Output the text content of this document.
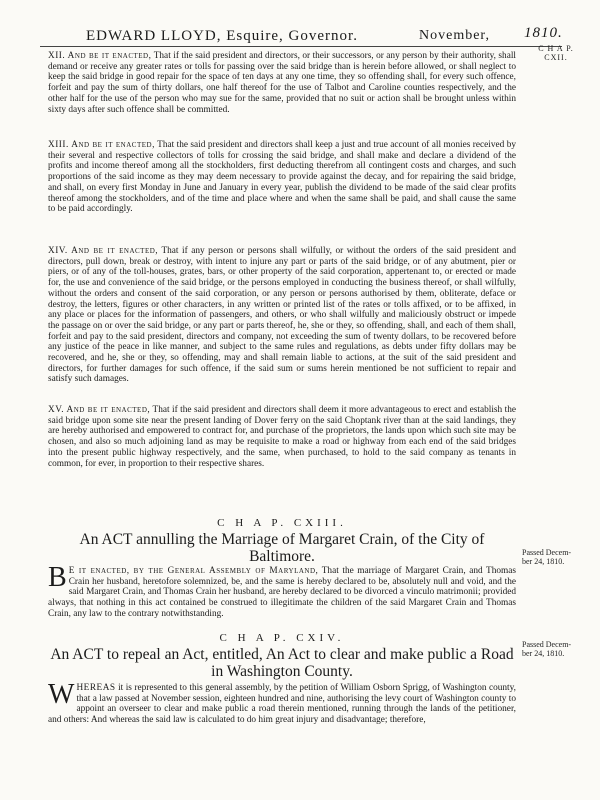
EDWARD LLOYD, Esquire, Governor.	November, 1810.
C H A P.
CXII.

XII. And be it enacted, That if the said president and directors, or their successors, or any person by their authority, shall demand or receive any greater rates or tolls for passing over the said bridge than is herein before allowed, or shall neglect to keep the said bridge in good repair for the space of ten days at any one time, they so offending shall, for every such offence, forfeit and pay the sum of thirty dollars, one half thereof for the use of Talbot and Caroline counties respectively, and the other half for the use of the person who may sue for the same, provided that no suit or action shall be brought unless within sixty days after such offence shall be committed.

XIII. And be it enacted, That the said president and directors shall keep a just and true account of all monies received by their several and respective collectors of tolls for crossing the said bridge, and shall make and declare a dividend of the profits and income thereof among all the stockholders, first deducting therefrom all contingent costs and charges, and such proportions of the said income as they may deem necessary to provide against the decay, and for repairing the said bridge, and shall, on every first Monday in June and January in every year, publish the dividend to be made of the said clear profits thereof among the stockholders, and of the time and place where and when the same shall be paid, and shall cause the same to be paid accordingly.

XIV. And be it enacted, That if any person or persons shall wilfully, or without the orders of the said president and directors, pull down, break or destroy, with intent to injure any part or parts of the said bridge, or of any abutment, pier or piers, or of any of the toll-houses, grates, bars, or other property of the said corporation, appertenant to, or erected or made for, the use and convenience of the said bridge, or the persons employed in conducting the business thereof, or shall wilfully, without the orders and consent of the said corporation, or any person or persons authorised by them, obliterate, deface or destroy, the letters, figures or other characters, in any written or printed list of the rates or tolls affixed, or to be affixed, in any place or places for the information of passengers, and others, or who shall wilfully and maliciously obstruct or impede the passage on or over the said bridge, or any part or parts thereof, he, she or they, so offending, shall, and each of them shall, forfeit and pay to the said president, directors and company, not exceeding the sum of twenty dollars, to be recovered before any justice of the peace in like manner, and subject to the same rules and regulations, as debts under fifty dollars may be recovered, and he, she or they, so offending, may and shall remain liable to actions, at the suit of the said president and directors, for further damages for such offence, if the said sum or sums herein mentioned be not sufficient to repair and satisfy such damages.

XV. And be it enacted, That if the said president and directors shall deem it more advantageous to erect and establish the said bridge upon some site near the present landing of Dover ferry on the said Choptank river than at the said landings, they are hereby authorised and empowered to contract for, and purchase of the proprietors, the lands upon which such site may be chosen, and also so much adjoining land as may be requisite to make a road or highway from each end of the said bridges into the present public highway respectively, and the same, when purchased, to hold to the said company as tenants in common, for ever, in proportion to their respective shares.

C H A P. CXIII.
Passed Decem-
ber 24, 1810.
An ACT annulling the Marriage of Margaret Crain, of the City of Baltimore.

B E it enacted, by the General Assembly of Maryland, That the marriage of Margaret Crain, and Thomas Crain her husband, heretofore solemnized, be, and the same is hereby declared to be, absolutely null and void, and the said Margaret Crain, and Thomas Crain her husband, are hereby declared to be divorced a vinculo matrimonii; provided always, that nothing in this act contained be construed to illegitimate the children of the said Margaret Crain and Thomas Crain, any law to the contrary notwithstanding.

C H A P. CXIV.
Passed Decem-
ber 24, 1810.
An ACT to repeal an Act, entitled, An Act to clear and make public a Road in Washington County.

W HEREAS it is represented to this general assembly, by the petition of William Osborn Sprigg, of Washington county, that a law passed at November session, eighteen hundred and nine, authorising the levy court of Washington county to appoint an overseer to clear and make public a road therein mentioned, running through the lands of the petitioner, and others: And whereas the said law is calculated to do him great injury and disadvantage; therefore,
